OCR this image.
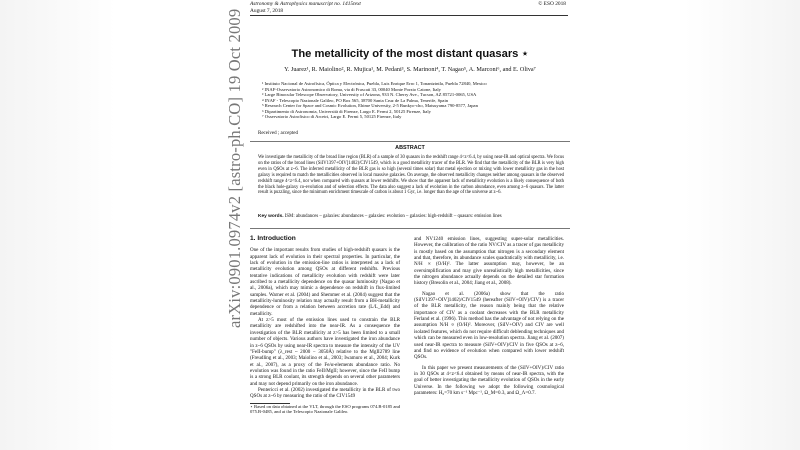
arXiv:0901.0974v2 [astro-ph.CO] 19 Oct 2009
Astronomy & Astrophysics manuscript no. 1415text
August 7, 2018
© ESO 2018
The metallicity of the most distant quasars ⋆
Y. Juarez¹, R. Maiolino², R. Mujica¹, M. Pedani³, S. Marinoni⁴, T. Nagao⁵, A. Marconi⁶, and E. Oliva⁷
¹ Instituto Nacional de Astrofísica, Óptica y Electrónica, Puebla, Luis Enrique Erro 1, Tonantzintla, Puebla 72840, Mexico
² INAF-Osservatorio Astronomico di Roma, via di Frascati 33, 00040 Monte Porzio Catone, Italy
³ Large Binocular Telescope Observatory, University of Arizona, 933 N. Cherry Ave., Tucson, AZ 85721-0065, USA
⁴ INAF - Telescopio Nazionale Galileo, PO Box 565, 38700 Santa Cruz de La Palma, Tenerife, Spain
⁵ Research Center for Space and Cosmic Evolution, Ehime University, 2-5 Bunkyo-cho, Matsuyama 790-8577, Japan
⁶ Dipartimento di Astronomia, Università di Firenze, Largo E. Fermi 2, 50125 Firenze, Italy
⁷ Osservatorio Astrofisico di Arcetri, Largo E. Fermi 5, 50125 Firenze, Italy
Received ; accepted
ABSTRACT
We investigate the metallicity of the broad line region (BLR) of a sample of 30 quasars in the redshift range 4<z<6.4, by using near-IR and optical spectra. We focus on the ratios of the broad lines (SiIV1397+OIV]1402)/CIV1549, which is a good metallicity tracer of the BLR. We find that the metallicity of the BLR is very high even in QSOs at z~6. The inferred metallicity of the BLR gas is so high (several times solar) that metal ejection or mixing with lower metallicity gas in the host galaxy is required to match the metallicities observed in local massive galaxies. On average, the observed metallicity changes neither among quasars in the observed redshift range 4<z<6.4, nor when compared with quasars at lower redshifts. We show that the apparent lack of metallicity evolution is a likely consequence of both the black hole-galaxy co-evolution and of selection effects. The data also suggest a lack of evolution in the carbon abundance, even among z~6 quasars. The latter result is puzzling, since the minimum enrichment timescale of carbon is about 1 Gyr, i.e. longer than the age of the universe at z~6.
Key words. ISM: abundances – galaxies: abundances – galaxies: evolution – galaxies: high-redshift – quasars: emission lines

1. Introduction

One of the important results from studies of high-redshift quasars is the apparent lack of evolution in their spectral properties. In particular, the lack of evolution in the emission-line ratios is interpreted as a lack of metallicity evolution among QSOs at different redshifts. Previous tentative indications of metallicity evolution with redshift were later ascribed to a metallicity dependence on the quasar luminosity (Nagao et al., 2006a), which may mimic a dependence on redshift in flux-limited samples. Warner et al. (2004) and Shemmer et al. (2004) suggest that the metallicity-luminosity relation may actually result from a BH-metallicity dependence or from a relation between accretion rate (L/L_Edd) and metallicity.

At z>5 most of the emission lines used to constrain the BLR metallicity are redshifted into the near-IR. As a consequence the investigation of the BLR metallicity at z>5 has been limited to a small number of objects. Various authors have investigated the iron abundance in z~6 QSOs by using near-IR spectra to measure the intensity of the UV "FeII-bump" (λ_rest ~ 2000 − 3050Å) relative to the MgII2789 line (Freudling et al., 2003; Maiolino et al., 2003; Iwamuro et al., 2004; Kurk et al., 2007), as a proxy of the Fe/α-elements abundance ratio. No evolution was found in the ratio FeII/MgII; however, since the FeII bump is a strong BLR coolant, its strength depends on several other parameters and may not depend primarily on the iron abundance.

Pentericci et al. (2002) investigated the metallicity in the BLR of two QSOs at z~6 by measuring the ratio of the CIV1549

⋆ Based on data obtained at the VLT, through the ESO programs 074.B-0185 and 075.B-0485, and at the Telescopio Nazionale Galileo.

and NV1240 emission lines, suggesting super-solar metallicities. However, the calibration of the ratio NV/CIV as a tracer of gas metallicity is mostly based on the assumption that nitrogen is a secondary element and that, therefore, its abundance scales quadratically with metallicity, i.e. N/H ∝ (O/H)². The latter assumption may, however, be an oversimplification and may give unrealistically high metallicities, since the nitrogen abundance actually depends on the detailed star formation history (Bresolin et al., 2004; Jiang et al., 2008).

Nagao et al. (2006a) show that the ratio (SiIV1397+OIV]1402)/CIV1549 (hereafter (SiIV+OIV)/CIV) is a tracer of the BLR metallicity, the reason mainly being that the relative importance of CIV as a coolant decreases with the BLR metallicity Ferland et al. (1996). This method has the advantage of not relying on the assumption N/H ∝ (O/H)². Moreover, (SiIV+OIV) and CIV are well isolated features, which do not require difficult deblending techniques and which can be measured even in low-resolution spectra. Jiang et al. (2007) used near-IR spectra to measure (SiIV+OIV)/CIV in five QSOs at z~6, and find no evidence of evolution when compared with lower redshift QSOs.

In this paper we present measurements of the (SiIV+OIV)/CIV ratio in 30 QSOs at 4<z<6.4 obtained by means of near-IR spectra, with the goal of better investigating the metallicity evolution of QSOs in the early Universe. In the following we adopt the following cosmological parameters: H₀=70 km s⁻¹ Mpc⁻¹, Ω_M=0.3, and Ω_Λ=0.7.
